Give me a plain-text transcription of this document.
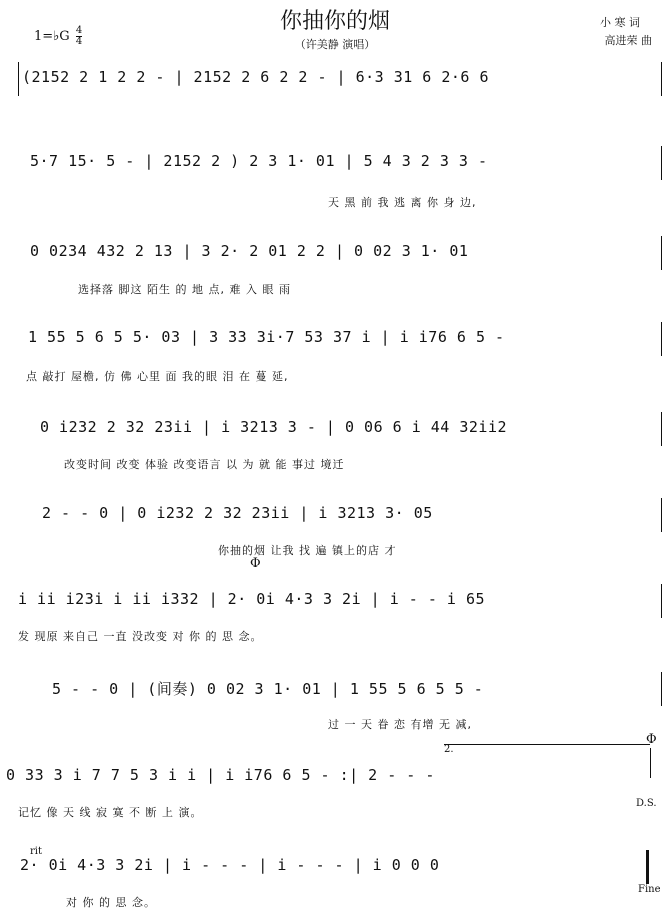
你抽你的烟
（许美静 演唱）
小 寒 词
高进荣 曲
1=♭G $\frac{4}{4}$
(2152 2 1 2 2 - | 2152 2 6 2 2 - | 6·3 31 6 2·6 6
5·7 15· 5 - | 2152 2 ) 2 3 1· 01 | 5 4 3 2 3 3 -
天 黑 前 我 逃 离 你 身 边,
0 0234 432 2 13 | 3 2· 2 01 2 2 | 0 02 3 1· 01
选择落 脚这 陌生 的 地 点, 难 入 眼 雨
1 55 5 6 5 5· 03 | 3 33 3i·7 53 37 i | i i76 6 5 -
点 敲打 屋檐, 仿 佛 心里 面 我的眼 泪 在 蔓 延,
0 i232 2 32 23ii | i 3213 3 - | 0 06 6 i 44 32ii2
改变时间 改变 体验 改变语言 以 为 就 能 事过 境迁
2 - - 0 | 0 i232 2 32 23ii | i 3213 3· 05
你抽的烟 让我 找 遍 镇上的店 才
i ii i23i i ii i332 | 2· 0i 4·3 3 2i | i - - i 65
发 现原 来自己 一直 没改变 对 你 的 思 念。
Φ
5 - - 0 | (间奏) 0 02 3 1· 01 | 1 55 5 6 5 5 -
过 一 天 眷 恋 有增 无 减,
0 33 3 i 7 7 5 3 i i | i i76 6 5 - :| 2 - - -
记忆 像 天 线 寂 寞 不 断 上 演。
2.
Φ
D.S.
rit
2· 0i 4·3 3 2i | i - - - | i - - - | i 0 0 0
对 你 的 思 念。
Fine
